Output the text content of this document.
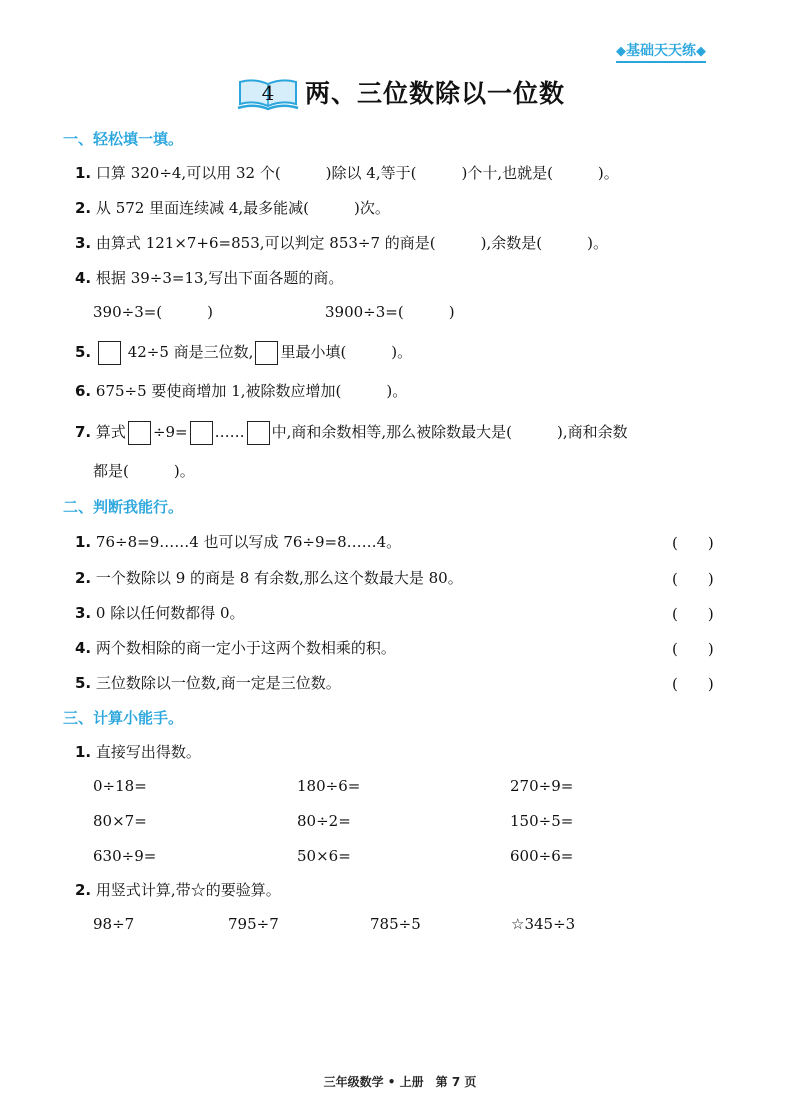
◆基础天天练◆
4 两、三位数除以一位数
一、轻松填一填。
1. 口算 320÷4,可以用 32 个(　　　)除以 4,等于(　　　)个十,也就是(　　　)。
2. 从 572 里面连续减 4,最多能减(　　　)次。
3. 由算式 121×7+6=853,可以判定 853÷7 的商是(　　　),余数是(　　　)。
4. 根据 39÷3=13,写出下面各题的商。
390÷3=(　　　)	3900÷3=(　　　)
5. 42÷5 商是三位数, 里最小填(　　　)。
6. 675÷5 要使商增加 1,被除数应增加(　　　)。
7. 算式 ÷9= …… 中,商和余数相等,那么被除数最大是(　　　),商和余数
都是(　　　)。
二、判断我能行。
1. 76÷8=9……4 也可以写成 76÷9=8……4。	(　　)
2. 一个数除以 9 的商是 8 有余数,那么这个数最大是 80。	(　　)
3. 0 除以任何数都得 0。	(　　)
4. 两个数相除的商一定小于这两个数相乘的积。	(　　)
5. 三位数除以一位数,商一定是三位数。	(　　)
三、计算小能手。
1. 直接写出得数。
0÷18=	180÷6=	270÷9=
80×7=	80÷2=	150÷5=
630÷9=	50×6=	600÷6=
2. 用竖式计算,带☆的要验算。
98÷7	795÷7	785÷5	☆345÷3
三年级数学 • 上册　第 7 页
